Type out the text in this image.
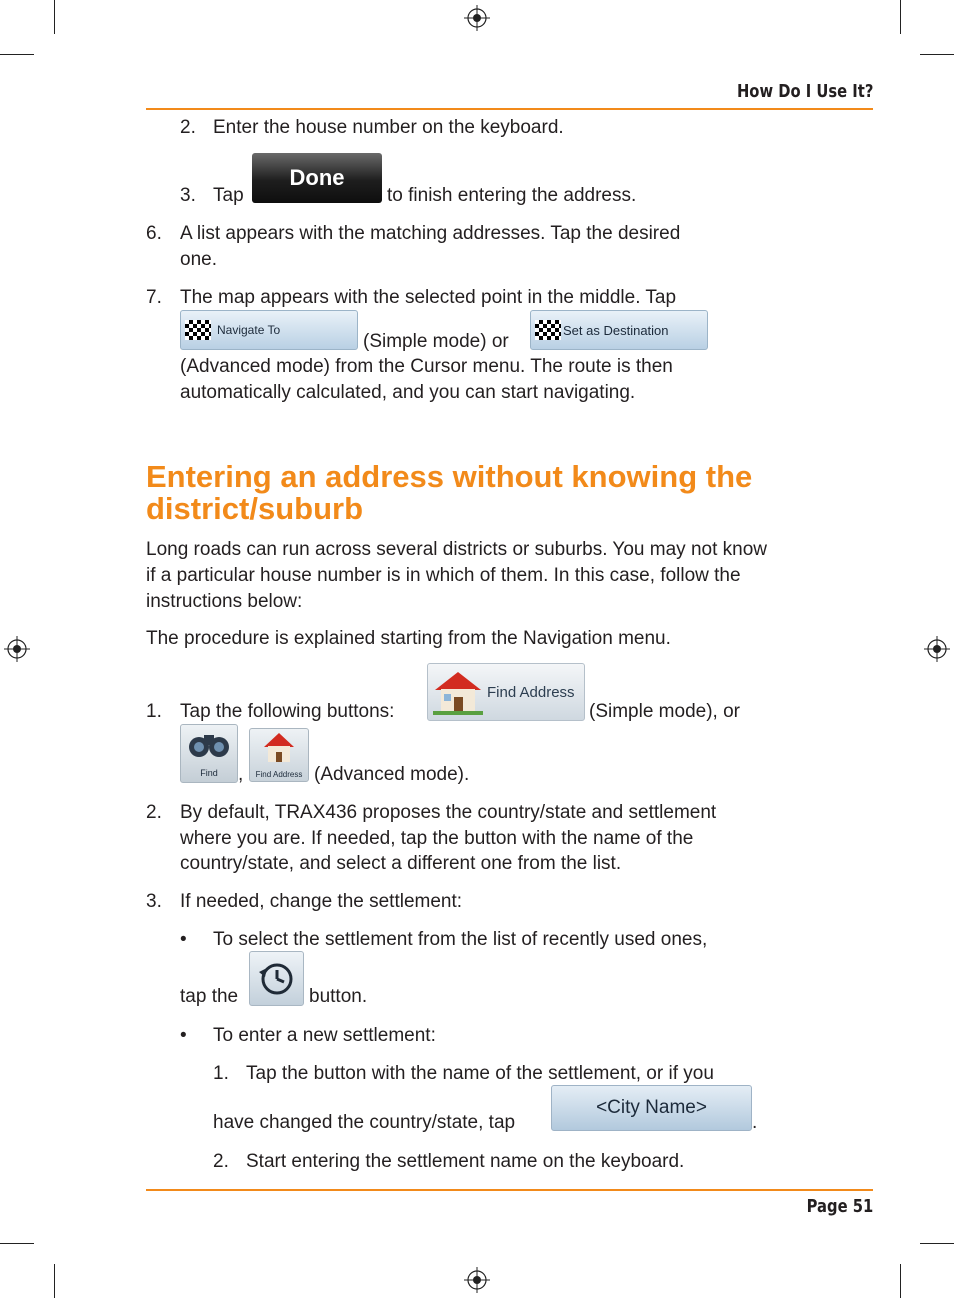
How Do I Use It?
2. Enter the house number on the keyboard.
3. Tap
Done
to finish entering the address.
6. A list appears with the matching addresses. Tap the desired
one.
7. The map appears with the selected point in the middle. Tap
Navigate To
(Simple mode) or
Set as Destination
(Advanced mode) from the Cursor menu. The route is then
automatically calculated, and you can start navigating.
Entering an address without knowing the
district/suburb
Long roads can run across several districts or suburbs. You may not know
if a particular house number is in which of them. In this case, follow the
instructions below:
The procedure is explained starting from the Navigation menu.
1. Tap the following buttons:
Find Address
(Simple mode), or
Find	,	Find Address (Advanced mode).
2. By default, TRAX436 proposes the country/state and settlement
where you are. If needed, tap the button with the name of the
country/state, and select a different one from the list.
3. If needed, change the settlement:
• To select the settlement from the list of recently used ones,
tap the	button.
• To enter a new settlement:
1. Tap the button with the name of the settlement, or if you
have changed the country/state, tap
<City Name>
.
2. Start entering the settlement name on the keyboard.
Page 51
